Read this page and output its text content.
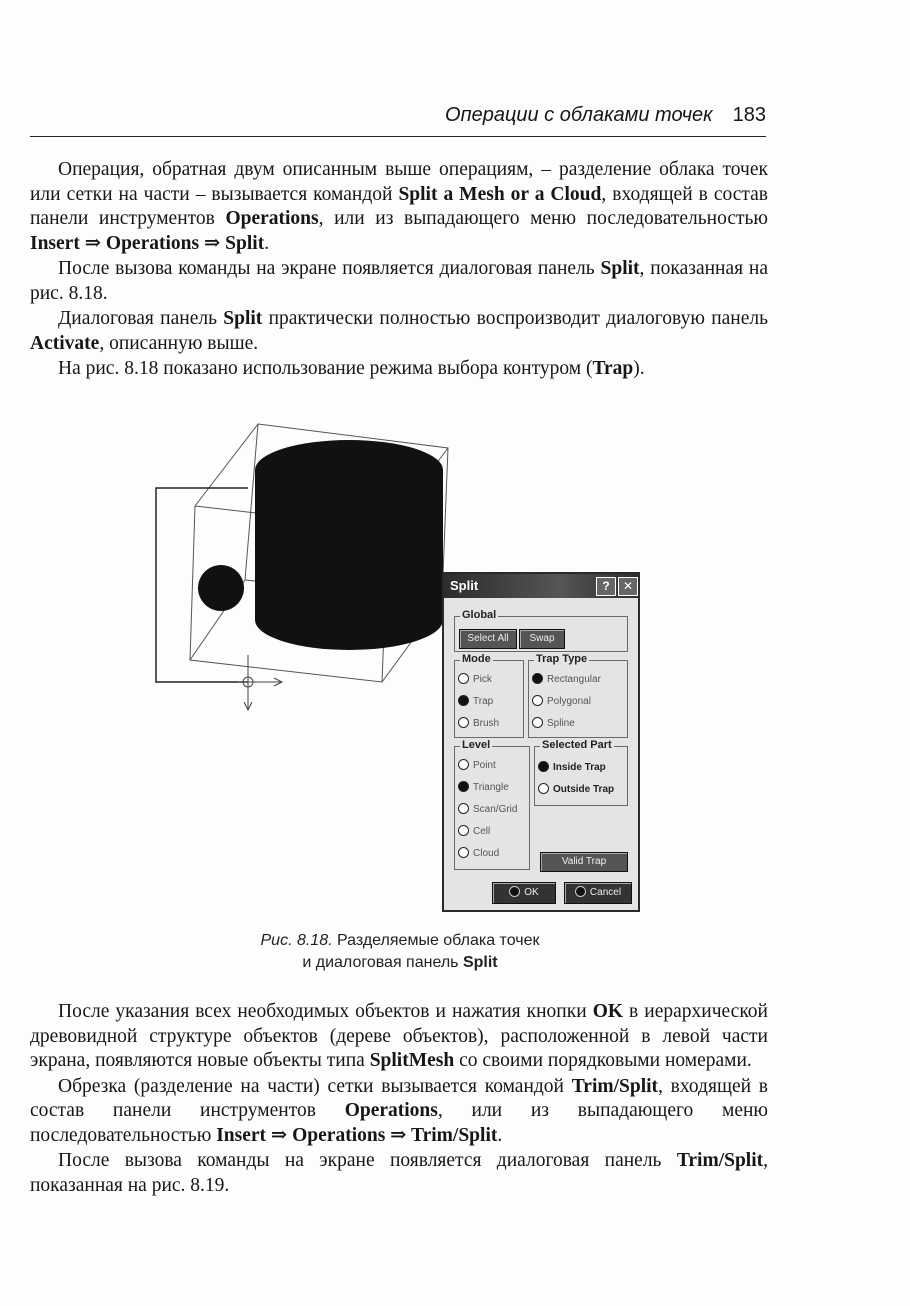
Операции с облаками точек 183

Операция, обратная двум описанным выше операциям, – разделение облака точек или сетки на части – вызывается командой Split a Mesh or a Cloud, входящей в состав панели инструментов Operations, или из выпадающего меню последовательностью Insert ⇒ Operations ⇒ Split.

После вызова команды на экране появляется диалоговая панель Split, показанная на рис. 8.18.

Диалоговая панель Split практически полностью воспроизводит диалоговую панель Activate, описанную выше.

На рис. 8.18 показано использование режима выбора контуром (Trap).

Split	?	✕
Global
Select All	Swap
Mode
Pick
Trap
Brush
Trap Type
Rectangular
Polygonal
Spline
Level
Point
Triangle
Scan/Grid
Cell
Cloud
Selected Part
Inside Trap
Outside Trap
Valid Trap
OK	Cancel
Рис. 8.18. Разделяемые облака точек
и диалоговая панель Split

После указания всех необходимых объектов и нажатия кнопки OK в иерархической древовидной структуре объектов (дереве объектов), расположенной в левой части экрана, появляются новые объекты типа SplitMesh со своими порядковыми номерами.

Обрезка (разделение на части) сетки вызывается командой Trim/Split, входящей в состав панели инструментов Operations, или из выпадающего меню последовательностью Insert ⇒ Operations ⇒ Trim/Split.

После вызова команды на экране появляется диалоговая панель Trim/Split, показанная на рис. 8.19.
